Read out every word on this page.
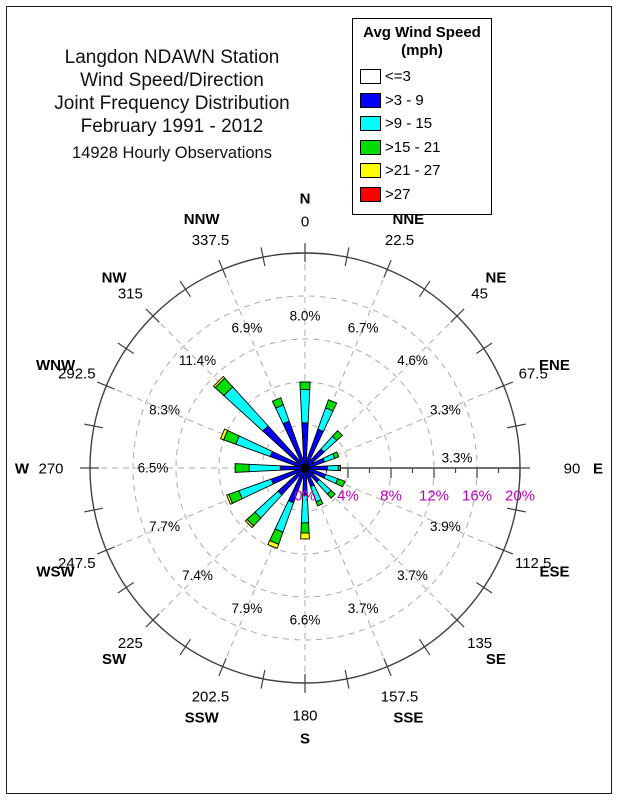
Langdon NDAWN Station
Wind Speed/Direction
Joint Frequency Distribution
February 1991 - 2012
14928 Hourly Observations
Avg Wind Speed
(mph)
<=3
>3 - 9
>9 - 15
>15 - 21
>21 - 27
>27
0% 4% 8% 12% 16% 20%
8.0%
6.7%
4.6%
3.3%
3.3%
3.9%
3.7%
3.7%
6.6%
7.9%
7.4%
7.7%
6.5%
8.3%
11.4%
6.9%
N
0	NNE
22.5
NE
45
ENE
67.5
90 E
ESE
112.5
SE
135
SSE
157.5
S
180
SSW
202.5
SW
225
WSW
247.5
W 270
WNW
292.5
NW
315
NNW
337.5
